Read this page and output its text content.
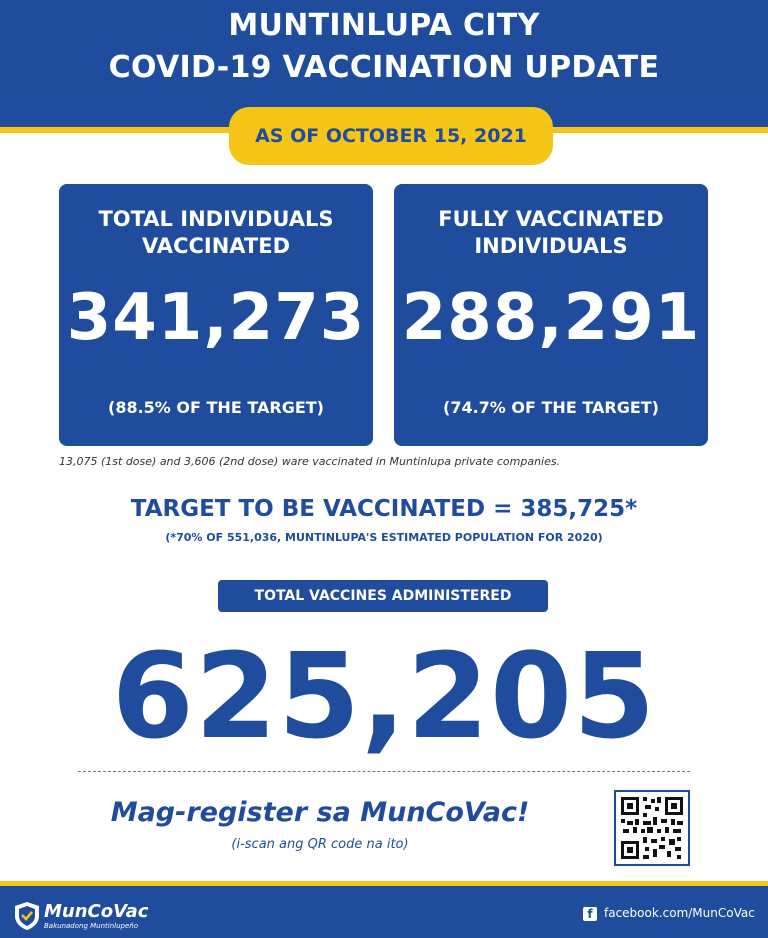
MUNTINLUPA CITY
COVID-19 VACCINATION UPDATE
AS OF OCTOBER 15, 2021
TOTAL INDIVIDUALS
VACCINATED
341,273
(88.5% OF THE TARGET)
FULLY VACCINATED
INDIVIDUALS
288,291
(74.7% OF THE TARGET)
13,075 (1st dose) and 3,606 (2nd dose) ware vaccinated in Muntinlupa private companies.
TARGET TO BE VACCINATED = 385,725*
(*70% OF 551,036, MUNTINLUPA'S ESTIMATED POPULATION FOR 2020)
TOTAL VACCINES ADMINISTERED
625,205
Mag-register sa MunCoVac!
(i-scan ang QR code na ito)
MunCoVac
Bakunadong Muntinlupeño
f facebook.com/MunCoVac
